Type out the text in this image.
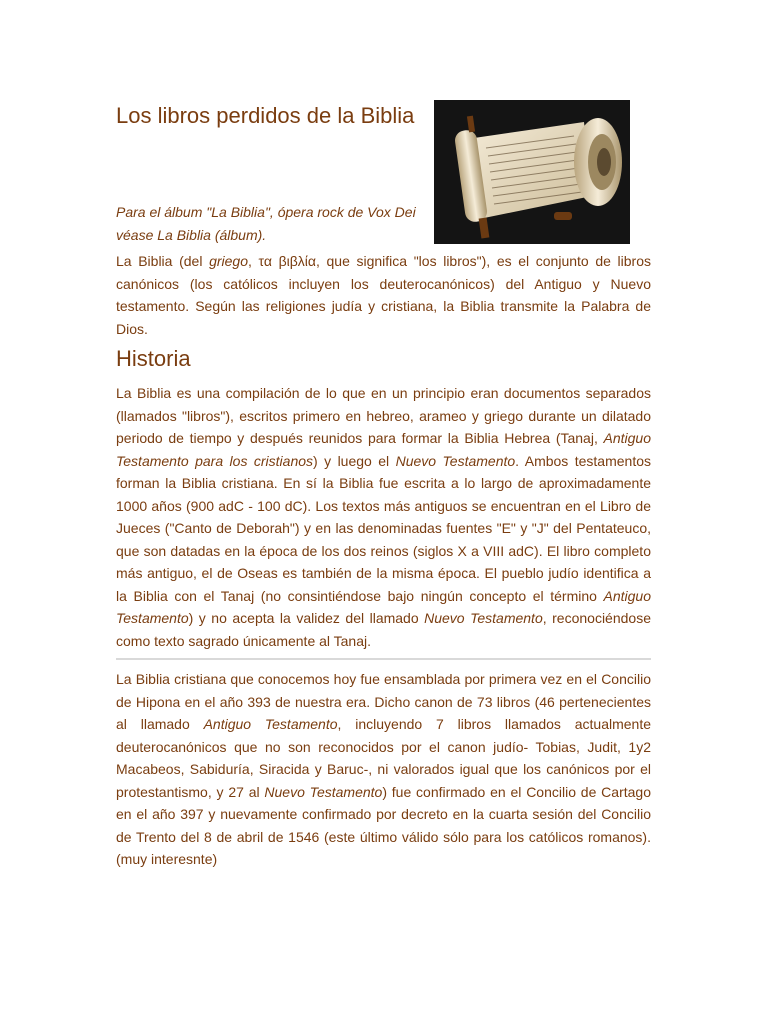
Los libros perdidos de la Biblia

Para el álbum "La Biblia", ópera rock de Vox Dei véase La Biblia (álbum).

La Biblia (del griego, τα βιβλία, que significa "los libros"), es el conjunto de libros canónicos (los católicos incluyen los deuterocanónicos) del Antiguo y Nuevo testamento. Según las religiones judía y cristiana, la Biblia transmite la Palabra de Dios.

Historia

La Biblia es una compilación de lo que en un principio eran documentos separados (llamados "libros"), escritos primero en hebreo, arameo y griego durante un dilatado periodo de tiempo y después reunidos para formar la Biblia Hebrea (Tanaj, Antiguo Testamento para los cristianos) y luego el Nuevo Testamento. Ambos testamentos forman la Biblia cristiana. En sí la Biblia fue escrita a lo largo de aproximadamente 1000 años (900 adC - 100 dC). Los textos más antiguos se encuentran en el Libro de Jueces ("Canto de Deborah") y en las denominadas fuentes "E" y "J" del Pentateuco, que son datadas en la época de los dos reinos (siglos X a VIII adC). El libro completo más antiguo, el de Oseas es también de la misma época. El pueblo judío identifica a la Biblia con el Tanaj (no consintiéndose bajo ningún concepto el término Antiguo Testamento) y no acepta la validez del llamado Nuevo Testamento, reconociéndose como texto sagrado únicamente al Tanaj.

La Biblia cristiana que conocemos hoy fue ensamblada por primera vez en el Concilio de Hipona en el año 393 de nuestra era. Dicho canon de 73 libros (46 pertenecientes al llamado Antiguo Testamento, incluyendo 7 libros llamados actualmente deuterocanónicos que no son reconocidos por el canon judío- Tobias, Judit, 1y2 Macabeos, Sabiduría, Siracida y Baruc-, ni valorados igual que los canónicos por el protestantismo, y 27 al Nuevo Testamento) fue confirmado en el Concilio de Cartago en el año 397 y nuevamente confirmado por decreto en la cuarta sesión del Concilio de Trento del 8 de abril de 1546 (este último válido sólo para los católicos romanos).(muy interesnte)
